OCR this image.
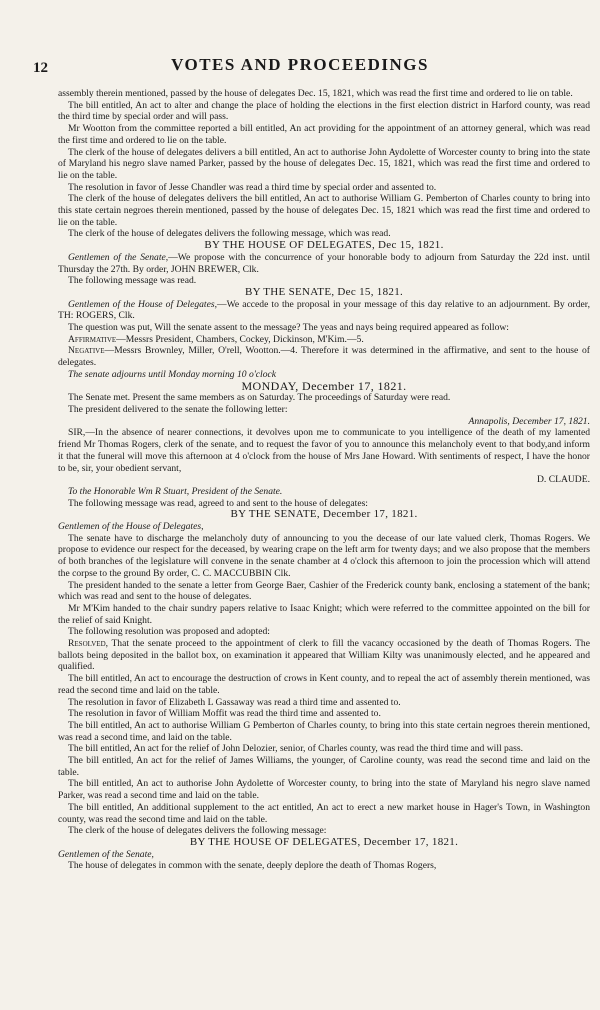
12	VOTES AND PROCEEDINGS

assembly therein mentioned, passed by the house of delegates Dec. 15, 1821, which was read the first time and ordered to lie on table.

The bill entitled, An act to alter and change the place of holding the elections in the first election district in Harford county, was read the third time by special order and will pass.

Mr Wootton from the committee reported a bill entitled, An act providing for the appointment of an attorney general, which was read the first time and ordered to lie on the table.

The clerk of the house of delegates delivers a bill entitled, An act to authorise John Aydolette of Worcester county to bring into the state of Maryland his negro slave named Parker, passed by the house of delegates Dec. 15, 1821, which was read the first time and ordered to lie on the table.

The resolution in favor of Jesse Chandler was read a third time by special order and assented to.

The clerk of the house of delegates delivers the bill entitled, An act to authorise William G. Pemberton of Charles county to bring into this state certain negroes therein mentioned, passed by the house of delegates Dec. 15, 1821 which was read the first time and ordered to lie on the table.

The clerk of the house of delegates delivers the following message, which was read.

BY THE HOUSE OF DELEGATES, Dec 15, 1821.

Gentlemen of the Senate,—We propose with the concurrence of your honorable body to adjourn from Saturday the 22d inst. until Thursday the 27th. By order, JOHN BREWER, Clk.

The following message was read.

BY THE SENATE, Dec 15, 1821.

Gentlemen of the House of Delegates,—We accede to the proposal in your message of this day relative to an adjournment. By order, TH: ROGERS, Clk.

The question was put, Will the senate assent to the message? The yeas and nays being required appeared as follow:

Affirmative—Messrs President, Chambers, Cockey, Dickinson, M'Kim.—5.

Negative—Messrs Brownley, Miller, O'rell, Wootton.—4. Therefore it was determined in the affirmative, and sent to the house of delegates.

The senate adjourns until Monday morning 10 o'clock

MONDAY, December 17, 1821.

The Senate met. Present the same members as on Saturday. The proceedings of Saturday were read.

The president delivered to the senate the following letter:

Annapolis, December 17, 1821.

SIR,—In the absence of nearer connections, it devolves upon me to communicate to you intelligence of the death of my lamented friend Mr Thomas Rogers, clerk of the senate, and to request the favor of you to announce this melancholy event to that body,and inform it that the funeral will move this afternoon at 4 o'clock from the house of Mrs Jane Howard. With sentiments of respect, I have the honor to be, sir, your obedient servant,

D. CLAUDE.

To the Honorable Wm R Stuart, President of the Senate.

The following message was read, agreed to and sent to the house of delegates:

BY THE SENATE, December 17, 1821.

Gentlemen of the House of Delegates,

The senate have to discharge the melancholy duty of announcing to you the decease of our late valued clerk, Thomas Rogers. We propose to evidence our respect for the deceased, by wearing crape on the left arm for twenty days; and we also propose that the members of both branches of the legislature will convene in the senate chamber at 4 o'clock this afternoon to join the procession which will attend the corpse to the ground By order, C. C. MACCUBBIN Clk.

The president handed to the senate a letter from George Baer, Cashier of the Frederick county bank, enclosing a statement of the bank; which was read and sent to the house of delegates.

Mr M'Kim handed to the chair sundry papers relative to Isaac Knight; which were referred to the committee appointed on the bill for the relief of said Knight.

The following resolution was proposed and adopted:

Resolved, That the senate proceed to the appointment of clerk to fill the vacancy occasioned by the death of Thomas Rogers. The ballots being deposited in the ballot box, on examination it appeared that William Kilty was unanimously elected, and he appeared and qualified.

The bill entitled, An act to encourage the destruction of crows in Kent county, and to repeal the act of assembly therein mentioned, was read the second time and laid on the table.

The resolution in favor of Elizabeth L Gassaway was read a third time and assented to.

The resolution in favor of William Moffit was read the third time and assented to.

The bill entitled, An act to authorise William G Pemberton of Charles county, to bring into this state certain negroes therein mentioned, was read a second time, and laid on the table.

The bill entitled, An act for the relief of John Delozier, senior, of Charles county, was read the third time and will pass.

The bill entitled, An act for the relief of James Williams, the younger, of Caroline county, was read the second time and laid on the table.

The bill entitled, An act to authorise John Aydolette of Worcester county, to bring into the state of Maryland his negro slave named Parker, was read a second time and laid on the table.

The bill entitled, An additional supplement to the act entitled, An act to erect a new market house in Hager's Town, in Washington county, was read the second time and laid on the table.

The clerk of the house of delegates delivers the following message:

BY THE HOUSE OF DELEGATES, December 17, 1821.

Gentlemen of the Senate,

The house of delegates in common with the senate, deeply deplore the death of Thomas Rogers,
